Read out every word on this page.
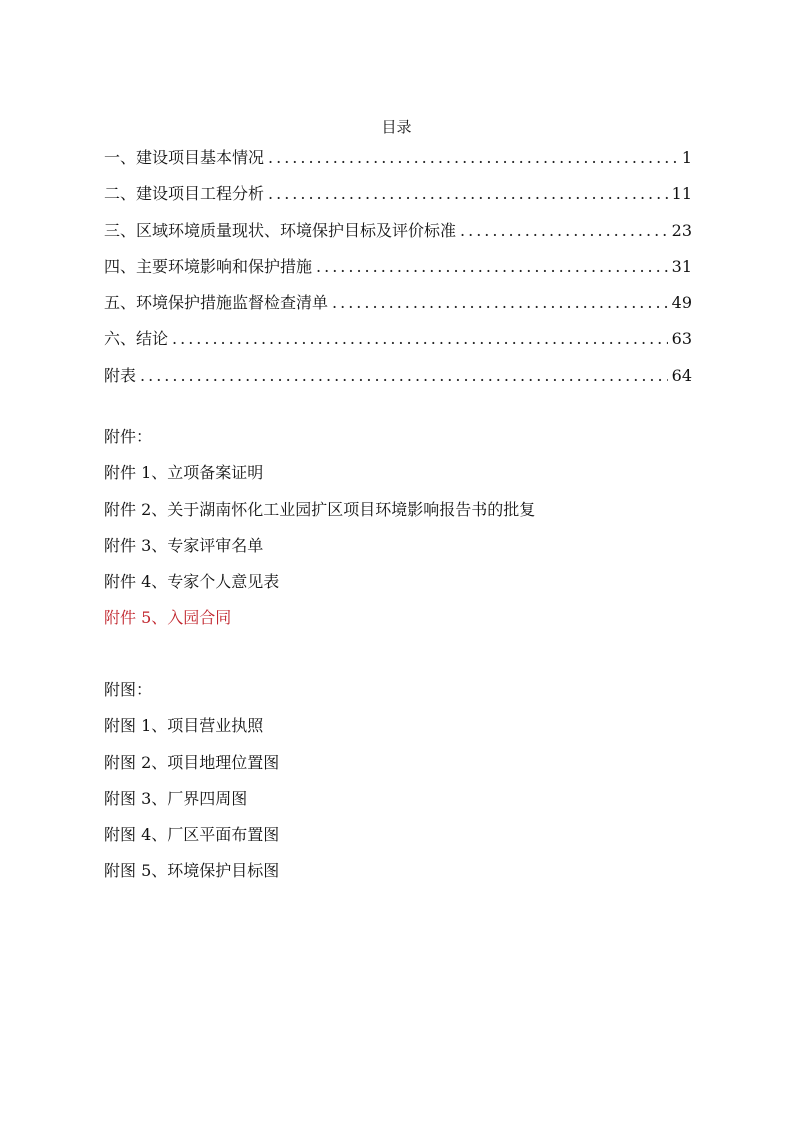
目录
一、建设项目基本情况 .....	1
二、建设项目工程分析 .....	11
三、区域环境质量现状、环境保护目标及评价标准 .....	23
四、主要环境影响和保护措施 .....	31
五、环境保护措施监督检查清单 .....	49
六、结论 .....	63
附表 .....	64
附件：
附件 1、立项备案证明
附件 2、关于湖南怀化工业园扩区项目环境影响报告书的批复
附件 3、专家评审名单
附件 4、专家个人意见表
附件 5、入园合同
附图：
附图 1、项目营业执照
附图 2、项目地理位置图
附图 3、厂界四周图
附图 4、厂区平面布置图
附图 5、环境保护目标图
